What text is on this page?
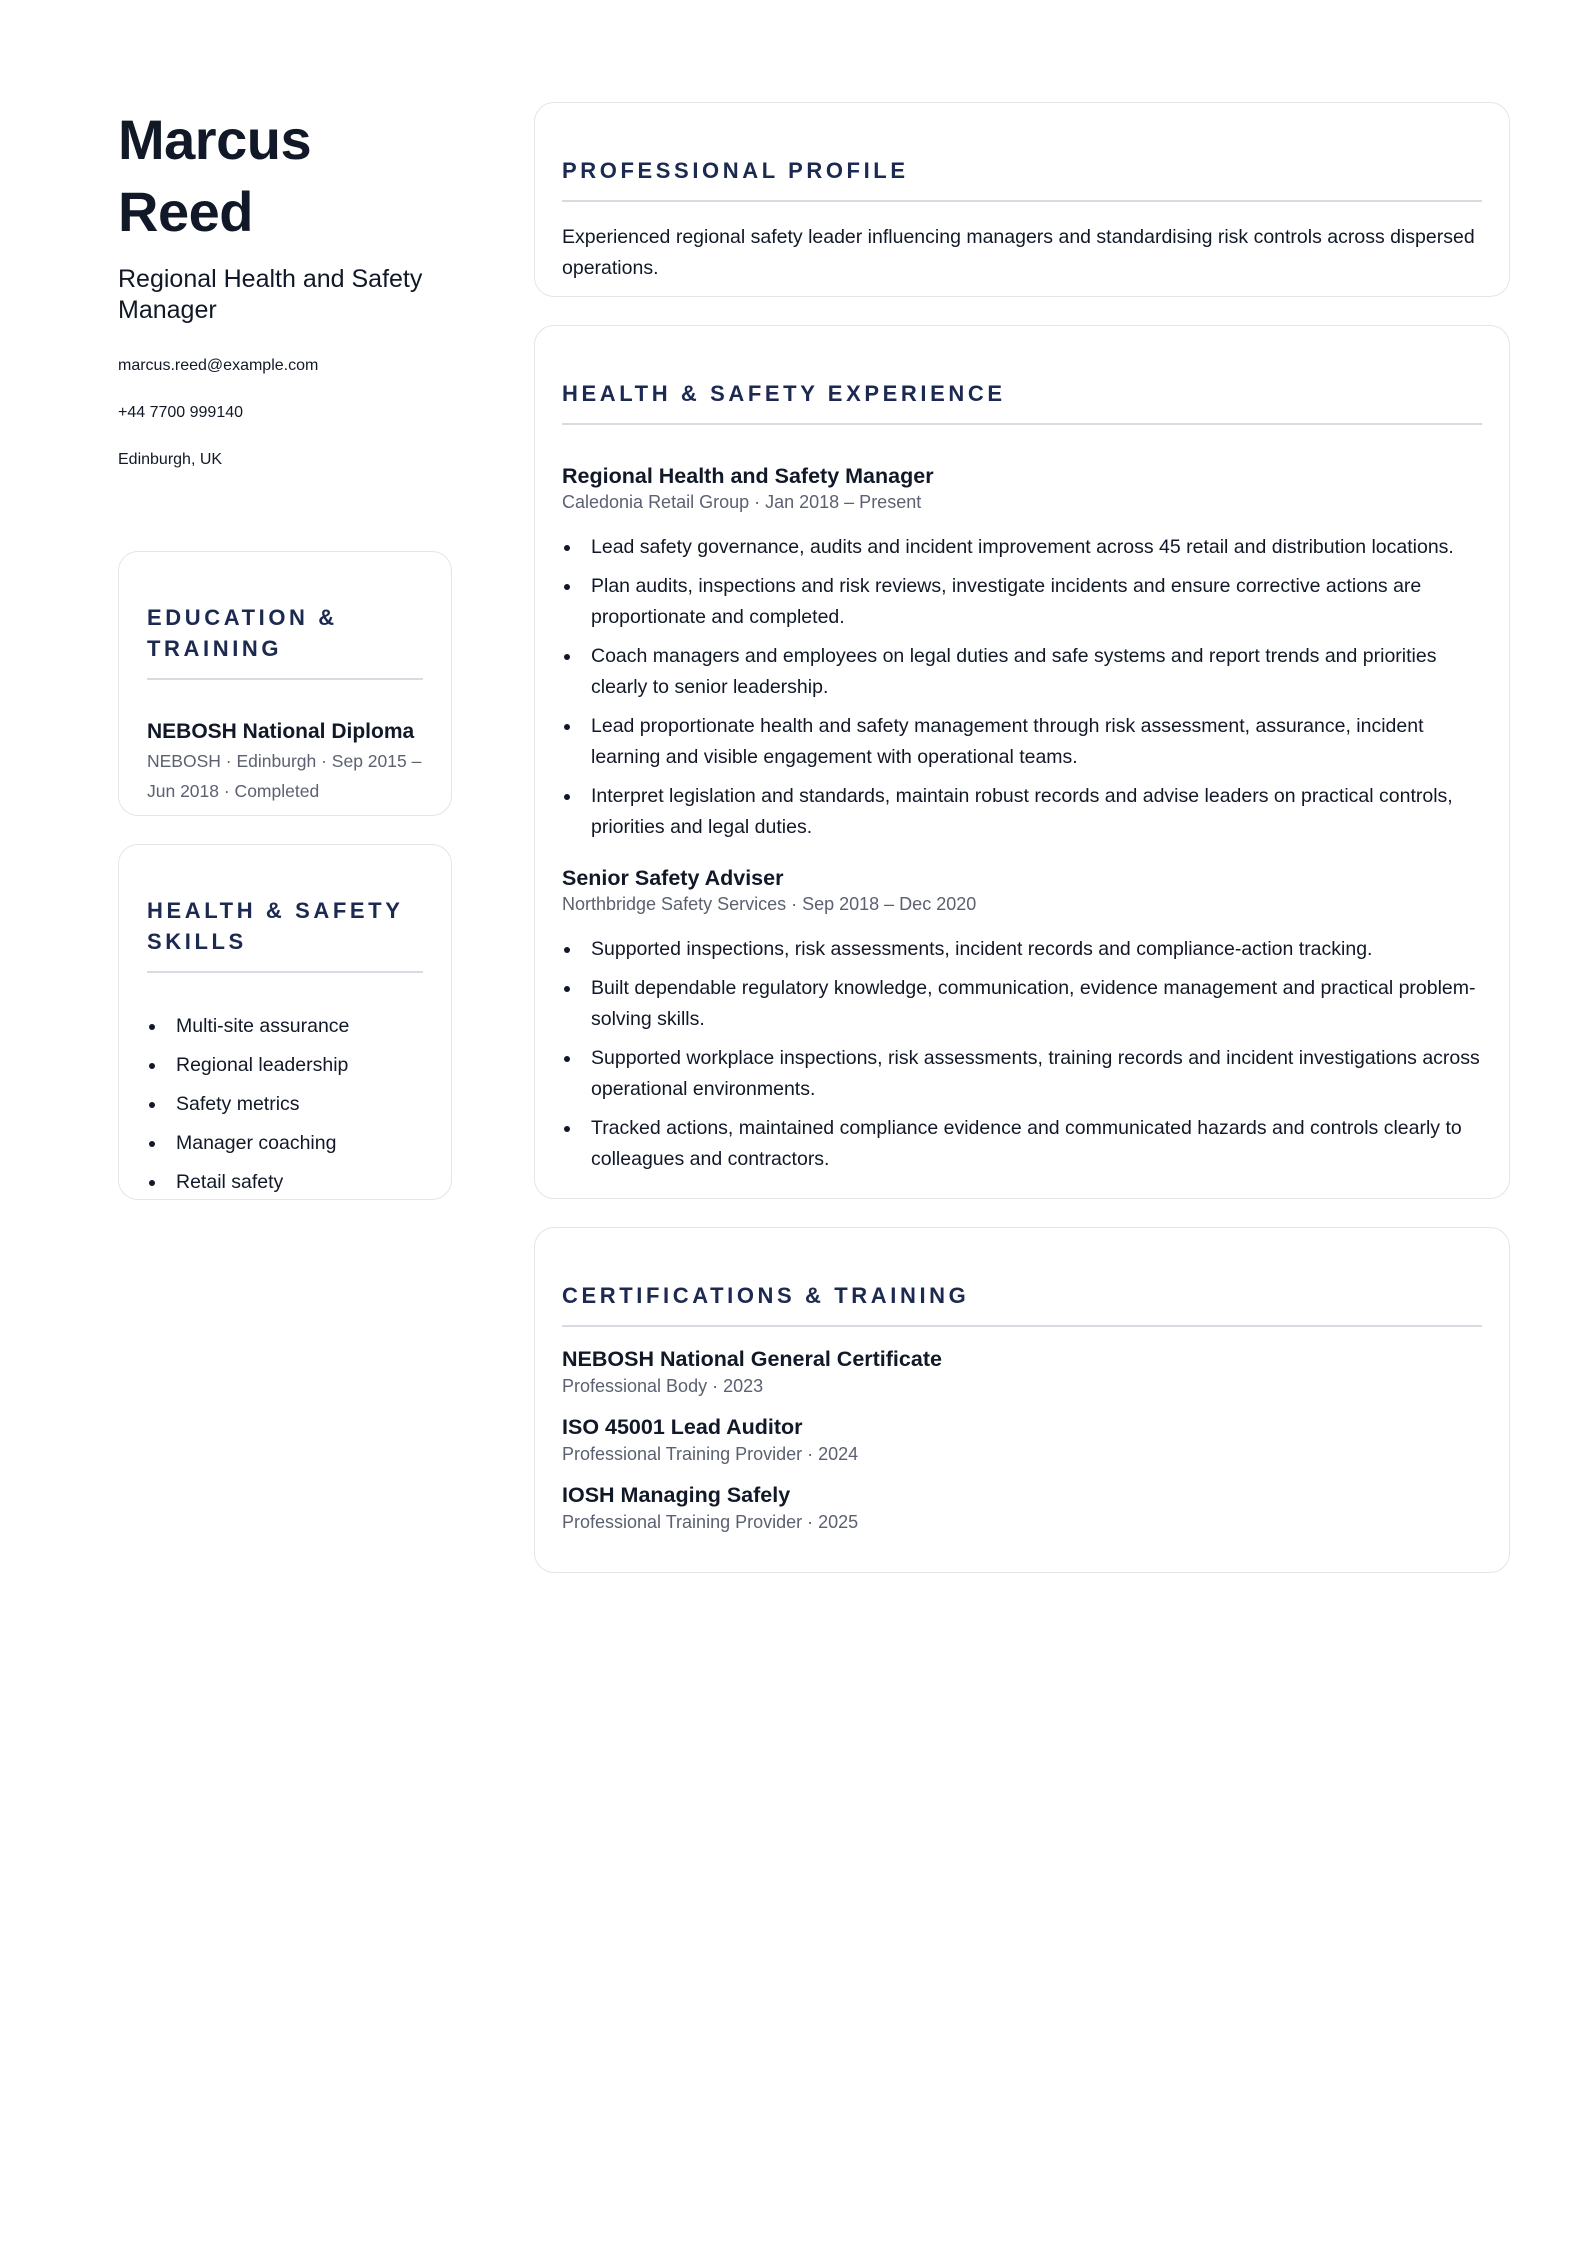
Marcus Reed
Regional Health and Safety Manager
marcus.reed@example.com
+44 7700 999140
Edinburgh, UK
EDUCATION & TRAINING
NEBOSH National Diploma
NEBOSH · Edinburgh · Sep 2015 – Jun 2018 · Completed
HEALTH & SAFETY SKILLS
Multi-site assurance
Regional leadership
Safety metrics
Manager coaching
Retail safety
PROFESSIONAL PROFILE

Experienced regional safety leader influencing managers and standardising risk controls across dispersed operations.

HEALTH & SAFETY EXPERIENCE
Regional Health and Safety Manager
Caledonia Retail Group · Jan 2018 – Present
Lead safety governance, audits and incident improvement across 45 retail and distribution locations.
Plan audits, inspections and risk reviews, investigate incidents and ensure corrective actions are proportionate and completed.
Coach managers and employees on legal duties and safe systems and report trends and priorities clearly to senior leadership.
Lead proportionate health and safety management through risk assessment, assurance, incident learning and visible engagement with operational teams.
Interpret legislation and standards, maintain robust records and advise leaders on practical controls, priorities and legal duties.
Senior Safety Adviser
Northbridge Safety Services · Sep 2018 – Dec 2020
Supported inspections, risk assessments, incident records and compliance-action tracking.
Built dependable regulatory knowledge, communication, evidence management and practical problem-solving skills.
Supported workplace inspections, risk assessments, training records and incident investigations across operational environments.
Tracked actions, maintained compliance evidence and communicated hazards and controls clearly to colleagues and contractors.
CERTIFICATIONS & TRAINING
NEBOSH National General Certificate
Professional Body · 2023
ISO 45001 Lead Auditor
Professional Training Provider · 2024
IOSH Managing Safely
Professional Training Provider · 2025
